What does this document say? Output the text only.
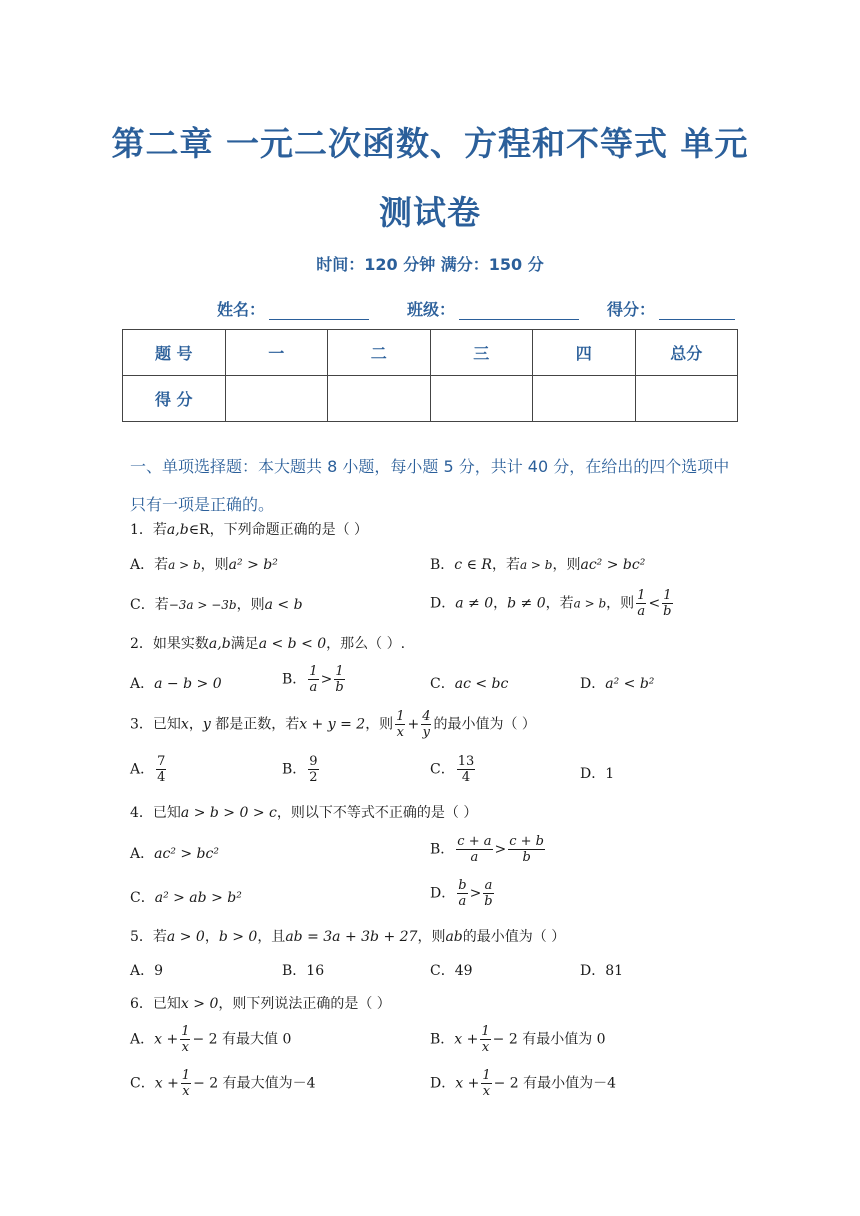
第二章 一元二次函数、方程和不等式 单元
测试卷
时间：120 分钟 满分：150 分
姓名：	班级：	得分：
题 号	一	二	三	四	总分
得 分					
一、单项选择题：本大题共 8 小题，每小题 5 分，共计 40 分，在给出的四个选项中只有一项是正确的。
1．若a,b∈R，下列命题正确的是（ ）
A．若a > b，则a² > b²	B．c ∈ R，若a > b，则ac² > bc²
C．若−3a > −3b，则a < b	D．a ≠ 0，b ≠ 0，若a > b，则 $\frac{1}{a} < \frac{1}{b}$
2．如果实数a,b满足a < b < 0，那么（ ）.
A．a − b > 0	B． $\frac{1}{a} > \frac{1}{b}$	C．ac < bc	D．a² < b²
3．已知x，y 都是正数，若x + y = 2，则 $\frac{1}{x} + \frac{4}{y}$ 的最小值为（ ）
A． $\frac{7}{4}$	B． $\frac{9}{2}$	C． $\frac{13}{4}$	D．1
4．已知a > b > 0 > c，则以下不等式不正确的是（ ）
A．ac² > bc²	B． $\frac{c + a}{a} > \frac{c + b}{b}$
C．a² > ab > b²	D． $\frac{b}{a} > \frac{a}{b}$
5．若a > 0，b > 0，且ab = 3a + 3b + 27，则ab的最小值为（ ）
A．9	B．16	C．49	D．81
6．已知x > 0，则下列说法正确的是（ ）
A．$x + \frac{1}{x} - 2$ 有最大值 0	B．$x + \frac{1}{x} - 2$ 有最小值为 0
C．$x + \frac{1}{x} - 2$ 有最大值为－4	D．$x + \frac{1}{x} - 2$ 有最小值为－4
